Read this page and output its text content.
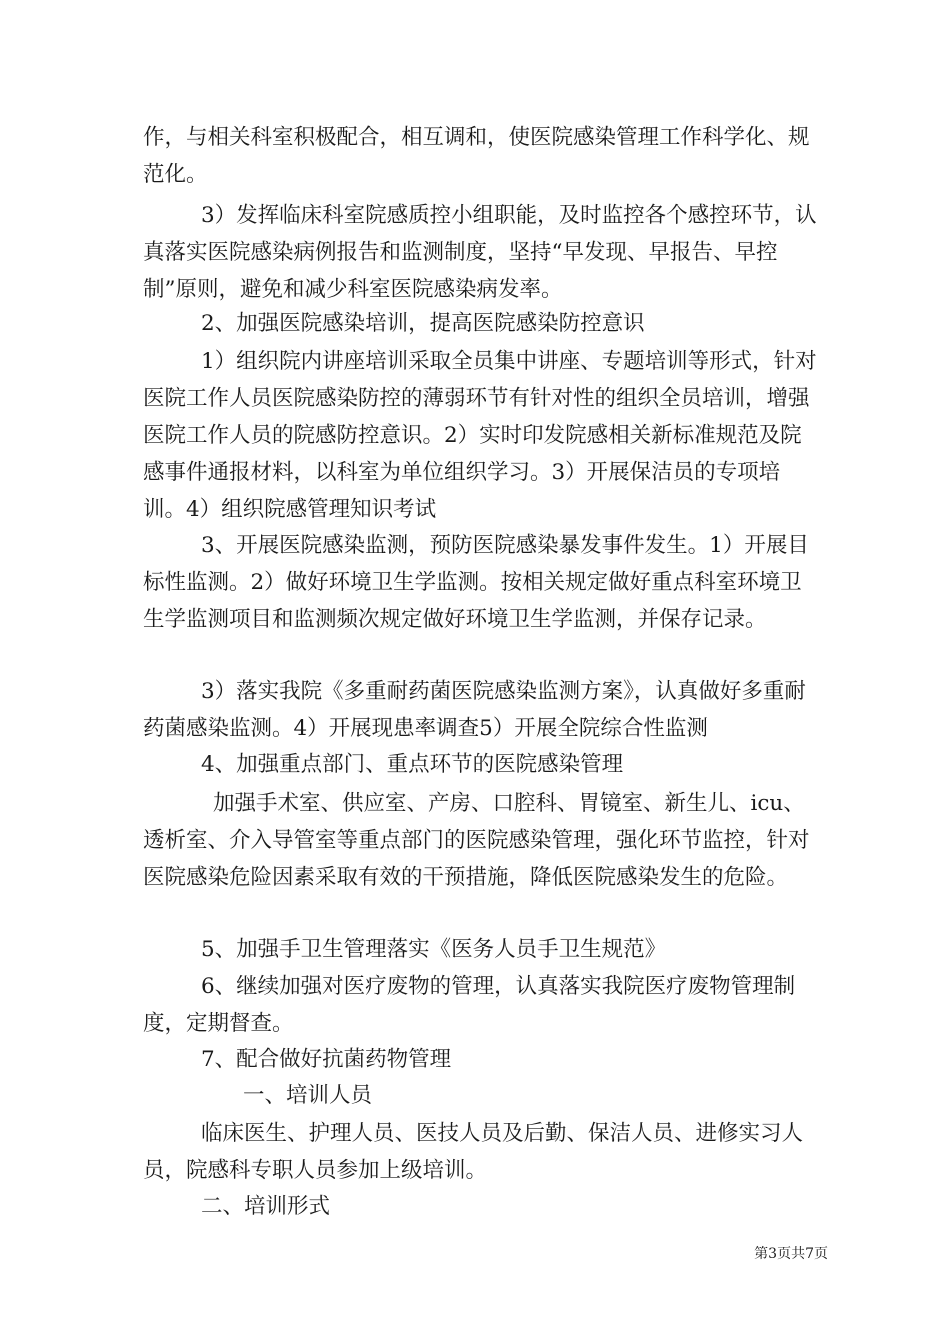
作，与相关科室积极配合，相互调和，使医院感染管理工作科学化、规范化。

3）发挥临床科室院感质控小组职能，及时监控各个感控环节，认真落实医院感染病例报告和监测制度，坚持“早发现、早报告、早控制”原则，避免和减少科室医院感染病发率。

2、加强医院感染培训，提高医院感染防控意识

1）组织院内讲座培训采取全员集中讲座、专题培训等形式，针对医院工作人员医院感染防控的薄弱环节有针对性的组织全员培训，增强医院工作人员的院感防控意识。2）实时印发院感相关新标准规范及院感事件通报材料，以科室为单位组织学习。3）开展保洁员的专项培训。4）组织院感管理知识考试

3、开展医院感染监测，预防医院感染暴发事件发生。1）开展目标性监测。2）做好环境卫生学监测。按相关规定做好重点科室环境卫生学监测项目和监测频次规定做好环境卫生学监测，并保存记录。

3）落实我院《多重耐药菌医院感染监测方案》，认真做好多重耐药菌感染监测。4）开展现患率调查5）开展全院综合性监测

4、加强重点部门、重点环节的医院感染管理

加强手术室、供应室、产房、口腔科、胃镜室、新生儿、icu、透析室、介入导管室等重点部门的医院感染管理，强化环节监控，针对医院感染危险因素采取有效的干预措施，降低医院感染发生的危险。

5、加强手卫生管理落实《医务人员手卫生规范》

6、继续加强对医疗废物的管理，认真落实我院医疗废物管理制度，定期督查。

7、配合做好抗菌药物管理

一、培训人员

临床医生、护理人员、医技人员及后勤、保洁人员、进修实习人员，院感科专职人员参加上级培训。

二、培训形式

第3页共7页
